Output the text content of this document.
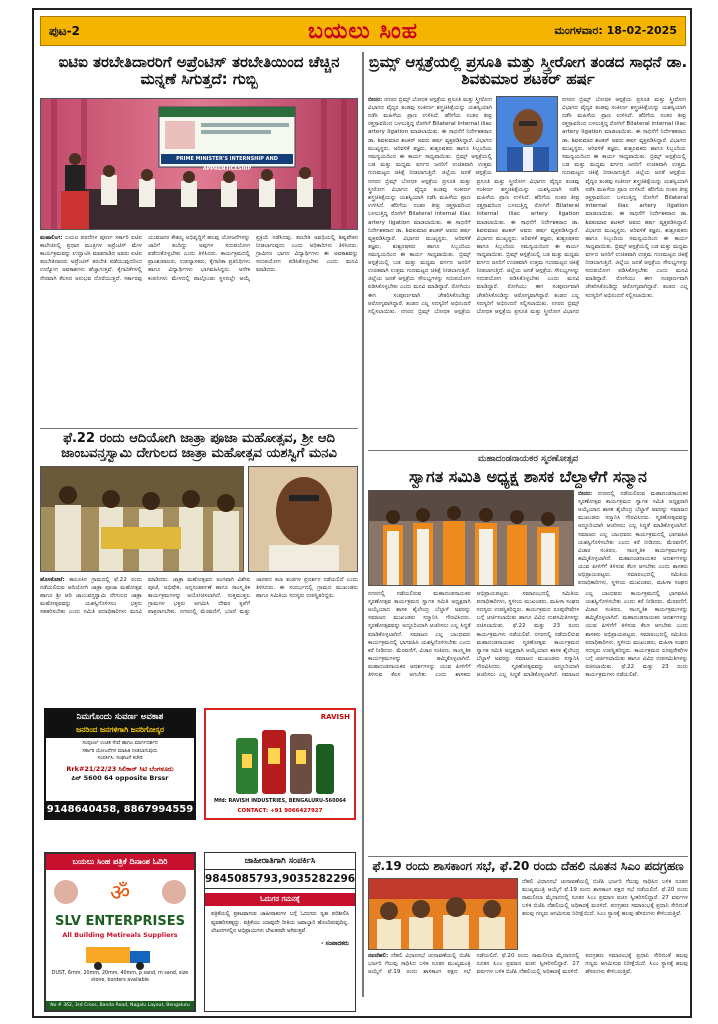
ಪುಟ-2	ಬಯಲು ಸಿಂಹ	ಮಂಗಳವಾರ: 18-02-2025
ಐಟಿಐ ತರಬೇತಿದಾರರಿಗೆ ಅಪ್ರೆಂಟಿಸ್ ತರಬೇತಿಯಿಂದ ಚೆಚ್ಚಿನ ಮನ್ನಣೆ ಸಿಗುತ್ತದೆ: ಗುಬ್ಬಿ
PRIME MINISTER'S INTERNSHIP AND APPRENTICESHIP
ಮಹಾಲಿಂಗ: ಬಯಲ ಪರದೆಗಳ ಪೂರ್ಣ ಸರ್ಕಾರಿ ಐಟಿಐ ಕಾಲೇಜಿನಲ್ಲಿ ಪ್ರಧಾನ ಮಂತ್ರಿಗಳ ಅಪ್ರೆಂಟಿಸ್ ಮೇಳ ಕಾರ್ಯಕ್ರಮವನ್ನು ಉದ್ಘಾಟಿಸಿ ಮಾತನಾಡಿದ ಅವರು ಐಟಿಐ ತರಬೇತಿದಾರರು ಅಪ್ರೆಂಟಿಸ್ ತರಬೇತಿ ಪಡೆಯುವುದರಿಂದ ಉದ್ಯೋಗ ಅವಕಾಶಗಳು ಹೆಚ್ಚಾಗುತ್ತವೆ. ಕೈಗಾರಿಕೆಗಳಲ್ಲಿ ನೇರವಾಗಿ ಕೆಲಸದ ಅನುಭವ ದೊರೆಯುತ್ತದೆ. ಸರ್ಕಾರವು ಯುವಜನರ ಕೌಶಲ್ಯ ಅಭಿವೃದ್ಧಿಗೆ ಹಲವು ಯೋಜನೆಗಳನ್ನು ಜಾರಿಗೆ ತಂದಿದ್ದು ಅವುಗಳ ಸದುಪಯೋಗ ಪಡೆದುಕೊಳ್ಳಬೇಕು ಎಂದು ತಿಳಿಸಿದರು. ಕಾರ್ಯಕ್ರಮದಲ್ಲಿ ಪ್ರಾಂಶುಪಾಲರು, ಉಪನ್ಯಾಸಕರು, ಕೈಗಾರಿಕಾ ಪ್ರತಿನಿಧಿಗಳು ಹಾಗೂ ವಿದ್ಯಾರ್ಥಿಗಳು ಭಾಗವಹಿಸಿದ್ದರು. ಅನೇಕ ಕಂಪನಿಗಳು ಮೇಳದಲ್ಲಿ ಪಾಲ್ಗೊಂಡು ಸ್ಥಳದಲ್ಲೇ ಆಯ್ಕೆ ಪ್ರಕ್ರಿಯೆ ನಡೆಸಿದವು. ತರಬೇತಿ ಅವಧಿಯಲ್ಲಿ ಶಿಷ್ಯವೇತನ ನೀಡಲಾಗುವುದು ಎಂದು ಅಧಿಕಾರಿಗಳು ತಿಳಿಸಿದರು. ಗ್ರಾಮೀಣ ಭಾಗದ ವಿದ್ಯಾರ್ಥಿಗಳು ಈ ಅವಕಾಶವನ್ನು ಸದುಪಯೋಗ ಪಡಿಸಿಕೊಳ್ಳಬೇಕು ಎಂದು ಮನವಿ ಮಾಡಿದರು.
ಫೆ.22 ರಂದು ಆದಿಯೋಗಿ ಜಾತ್ರಾ ಪೂಜಾ ಮಹೋತ್ಸವ, ಶ್ರೀ ಆದಿ ಜಾಂಬವನ್ತಸ್ವಾಮಿ ದೇಗುಲದ ಜಾತ್ರಾ ಮಹೋತ್ಸವ ಯಶಸ್ವಿಗೆ ಮನವಿ
ಹೊಸಕೋಟೆ: ತಾಲೂಕಿನ ಗ್ರಾಮದಲ್ಲಿ ಫೆ.22 ರಂದು ನಡೆಯಲಿರುವ ಆದಿಯೋಗಿ ಜಾತ್ರಾ ಪೂಜಾ ಮಹೋತ್ಸವ ಹಾಗೂ ಶ್ರೀ ಆದಿ ಜಾಂಬವನ್ತಸ್ವಾಮಿ ದೇಗುಲದ ಜಾತ್ರಾ ಮಹೋತ್ಸವವನ್ನು ಯಶಸ್ವಿಗೊಳಿಸಲು ಭಕ್ತರು ಸಹಕರಿಸಬೇಕು ಎಂದು ಸಮಿತಿ ಪದಾಧಿಕಾರಿಗಳು ಮನವಿ ಮಾಡಿದರು. ಜಾತ್ರಾ ಮಹೋತ್ಸವದ ಅಂಗವಾಗಿ ವಿಶೇಷ ಪೂಜೆ, ಅಭಿಷೇಕ, ಅನ್ನಸಂತರ್ಪಣೆ ಹಾಗೂ ಸಾಂಸ್ಕೃತಿಕ ಕಾರ್ಯಕ್ರಮಗಳನ್ನು ಆಯೋಜಿಸಲಾಗಿದೆ. ಸುತ್ತಮುತ್ತಲ ಗ್ರಾಮಗಳ ಭಕ್ತರು ಆಗಮಿಸಿ ದೇವರ ಕೃಪೆಗೆ ಪಾತ್ರರಾಗಬೇಕು. ನಗರದಲ್ಲಿ ಮೆರವಣಿಗೆ, ಭಜನೆ ಮತ್ತು ಜಾನಪದ ಕಲಾ ತಂಡಗಳ ಪ್ರದರ್ಶನ ನಡೆಯಲಿದೆ ಎಂದು ತಿಳಿಸಿದರು. ಈ ಸಂದರ್ಭದಲ್ಲಿ ಗ್ರಾಮದ ಮುಖಂಡರು ಹಾಗೂ ಸಮಿತಿಯ ಸದಸ್ಯರು ಉಪಸ್ಥಿತರಿದ್ದರು.
ನಿಮಗೊಂದು ಸುವರ್ಣ ಅವಕಾಶ
ಜನರಿಂದ ಜನಗಳಿಗಾಗಿ ಜನರಿಗೋಸ್ಕರ
ಸಂಪೂರ್ಣ ಉಚಿತ ಸೇವೆ ಹಾಗೂ ಮಾರ್ಗದರ್ಶನ
ಸರ್ಕಾರಿ ಯೋಜನೆಗಳ ಮಾಹಿತಿ ನೀಡಲಾಗುವುದು
ಸಂಪರ್ಕಿಸಿ: ಸಂಘಟನೆ ಕಚೇರಿ
Rrk#21/22/23 ಸಿಲಿಕಾನ್ ಸಿಟಿ ಬೆಂಗಳೂರು
ಪಿನ್ 5600 64 opposite Brssr
9148640458, 8867994559
RAVISH
Mfd: RAVISH INDUSTRIES, BENGALURU-560064
CONTACT: +91 9066427927
ಬಯಲು ಸಿಂಹ ಪತ್ರಿಕೆ ದಿನಾಂಶ ಓದಿರಿ
ॐ
SLV ENTERPRISES
All Building Metireals Suppliers
DUST, 6mm, 20mm, 20mm, 40mm, p sand, m sand, size stone, borders available
No # 362, 3rd Cross, Banda Road, Nagalu Layout, Bengaluru
ಜಾಹೀರಾತಿಗಾಗಿ ಸಂಪರ್ಕಿಸಿ
9845085793,9035282296
ಓದುಗರ ಗಮನಕ್ಕೆ
ಪತ್ರಿಕೆಯಲ್ಲಿ ಪ್ರಕಟವಾಗುವ ಜಾಹೀರಾತುಗಳ ಬಗ್ಗೆ ಓದುಗರು ಸ್ವತಃ ಪರಿಶೀಲಿಸಿ ವ್ಯವಹರಿಸತಕ್ಕದ್ದು. ಪತ್ರಿಕೆಯು ಯಾವುದೇ ರೀತಿಯ ಜವಾಬ್ದಾರಿ ಹೊಂದಿರುವುದಿಲ್ಲ. ಲೇಖನಗಳಲ್ಲಿನ ಅಭಿಪ್ರಾಯಗಳು ಲೇಖಕರವೇ ಆಗಿರುತ್ತವೆ.
- ಸಂಪಾದಕರು
ಬ್ರಿಮ್ಸ್ ಆಸ್ಪತ್ರೆಯಲ್ಲಿ ಪ್ರಸೂತಿ ಮತ್ತು ಸ್ತ್ರೀರೋಗ ತಂಡದ ಸಾಧನೆ ಡಾ. ಶಿವಕುಮಾರ ಶಟಕರ್ ಹರ್ಷ
ಬೀದರ: ನಗರದ ಬ್ರಿಮ್ಸ್ ಬೋಧಕ ಆಸ್ಪತ್ರೆಯ ಪ್ರಸೂತಿ ಮತ್ತು ಸ್ತ್ರೀರೋಗ ವಿಭಾಗದ ವೈದ್ಯರ ತಂಡವು ಸಂಕೀರ್ಣ ಶಸ್ತ್ರಚಿಕಿತ್ಸೆಯನ್ನು ಯಶಸ್ವಿಯಾಗಿ ನಡೆಸಿ ಮಹಿಳೆಯ ಪ್ರಾಣ ಉಳಿಸಿದೆ. ಹೆರಿಗೆಯ ನಂತರ ತೀವ್ರ ರಕ್ತಸ್ರಾವದಿಂದ ಬಳಲುತ್ತಿದ್ದ ರೋಗಿಗೆ Bilateral internal iliac artery ligation ಮಾಡಲಾಯಿತು. ಈ ಸಾಧನೆಗೆ ನಿರ್ದೇಶಕರಾದ ಡಾ. ಶಿವಕುಮಾರ ಶಟಕರ್ ಅವರು ಹರ್ಷ ವ್ಯಕ್ತಪಡಿಸಿದ್ದಾರೆ. ವಿಭಾಗದ ಮುಖ್ಯಸ್ಥರು, ಅರಿವಳಿಕೆ ತಜ್ಞರು, ಶುಶ್ರೂಷಕರು ಹಾಗೂ ಸಿಬ್ಬಂದಿಯ ಸಮನ್ವಯದಿಂದ ಈ ಕಾರ್ಯ ಸಾಧ್ಯವಾಯಿತು. ಬ್ರಿಮ್ಸ್ ಆಸ್ಪತ್ರೆಯಲ್ಲಿ ಬಡ ಮತ್ತು ಮಧ್ಯಮ ವರ್ಗದ ಜನರಿಗೆ ಉಚಿತವಾಗಿ ಉತ್ತಮ ಗುಣಮಟ್ಟದ ಚಿಕಿತ್ಸೆ ನೀಡಲಾಗುತ್ತಿದೆ. ಜಿಲ್ಲೆಯ ಜನತೆ ಆಸ್ಪತ್ರೆಯ
ನಗರದ ಬ್ರಿಮ್ಸ್ ಬೋಧಕ ಆಸ್ಪತ್ರೆಯ ಪ್ರಸೂತಿ ಮತ್ತು ಸ್ತ್ರೀರೋಗ ವಿಭಾಗದ ವೈದ್ಯರ ತಂಡವು ಸಂಕೀರ್ಣ ಶಸ್ತ್ರಚಿಕಿತ್ಸೆಯನ್ನು ಯಶಸ್ವಿಯಾಗಿ ನಡೆಸಿ ಮಹಿಳೆಯ ಪ್ರಾಣ ಉಳಿಸಿದೆ. ಹೆರಿಗೆಯ ನಂತರ ತೀವ್ರ ರಕ್ತಸ್ರಾವದಿಂದ ಬಳಲುತ್ತಿದ್ದ ರೋಗಿಗೆ Bilateral internal iliac artery ligation ಮಾಡಲಾಯಿತು. ಈ ಸಾಧನೆಗೆ ನಿರ್ದೇಶಕರಾದ ಡಾ. ಶಿವಕುಮಾರ ಶಟಕರ್ ಅವರು ಹರ್ಷ ವ್ಯಕ್ತಪಡಿಸಿದ್ದಾರೆ. ವಿಭಾಗದ ಮುಖ್ಯಸ್ಥರು, ಅರಿವಳಿಕೆ ತಜ್ಞರು, ಶುಶ್ರೂಷಕರು ಹಾಗೂ ಸಿಬ್ಬಂದಿಯ ಸಮನ್ವಯದಿಂದ ಈ ಕಾರ್ಯ ಸಾಧ್ಯವಾಯಿತು. ಬ್ರಿಮ್ಸ್ ಆಸ್ಪತ್ರೆಯಲ್ಲಿ ಬಡ ಮತ್ತು ಮಧ್ಯಮ ವರ್ಗದ ಜನರಿಗೆ ಉಚಿತವಾಗಿ ಉತ್ತಮ ಗುಣಮಟ್ಟದ ಚಿಕಿತ್ಸೆ ನೀಡಲಾಗುತ್ತಿದೆ. ಜಿಲ್ಲೆಯ ಜನತೆ ಆಸ್ಪತ್ರೆಯ
ನಗರದ ಬ್ರಿಮ್ಸ್ ಬೋಧಕ ಆಸ್ಪತ್ರೆಯ ಪ್ರಸೂತಿ ಮತ್ತು ಸ್ತ್ರೀರೋಗ ವಿಭಾಗದ ವೈದ್ಯರ ತಂಡವು ಸಂಕೀರ್ಣ ಶಸ್ತ್ರಚಿಕಿತ್ಸೆಯನ್ನು ಯಶಸ್ವಿಯಾಗಿ ನಡೆಸಿ ಮಹಿಳೆಯ ಪ್ರಾಣ ಉಳಿಸಿದೆ. ಹೆರಿಗೆಯ ನಂತರ ತೀವ್ರ ರಕ್ತಸ್ರಾವದಿಂದ ಬಳಲುತ್ತಿದ್ದ ರೋಗಿಗೆ Bilateral internal iliac artery ligation ಮಾಡಲಾಯಿತು. ಈ ಸಾಧನೆಗೆ ನಿರ್ದೇಶಕರಾದ ಡಾ. ಶಿವಕುಮಾರ ಶಟಕರ್ ಅವರು ಹರ್ಷ ವ್ಯಕ್ತಪಡಿಸಿದ್ದಾರೆ. ವಿಭಾಗದ ಮುಖ್ಯಸ್ಥರು, ಅರಿವಳಿಕೆ ತಜ್ಞರು, ಶುಶ್ರೂಷಕರು ಹಾಗೂ ಸಿಬ್ಬಂದಿಯ ಸಮನ್ವಯದಿಂದ ಈ ಕಾರ್ಯ ಸಾಧ್ಯವಾಯಿತು. ಬ್ರಿಮ್ಸ್ ಆಸ್ಪತ್ರೆಯಲ್ಲಿ ಬಡ ಮತ್ತು ಮಧ್ಯಮ ವರ್ಗದ ಜನರಿಗೆ ಉಚಿತವಾಗಿ ಉತ್ತಮ ಗುಣಮಟ್ಟದ ಚಿಕಿತ್ಸೆ ನೀಡಲಾಗುತ್ತಿದೆ. ಜಿಲ್ಲೆಯ ಜನತೆ ಆಸ್ಪತ್ರೆಯ ಸೌಲಭ್ಯಗಳನ್ನು ಸದುಪಯೋಗ ಪಡಿಸಿಕೊಳ್ಳಬೇಕು ಎಂದು ಮನವಿ ಮಾಡಿದ್ದಾರೆ. ರೋಗಿಯು ಈಗ ಸಂಪೂರ್ಣವಾಗಿ ಚೇತರಿಸಿಕೊಂಡಿದ್ದು ಆರೋಗ್ಯವಾಗಿದ್ದಾರೆ. ತಂಡದ ಎಲ್ಲ ಸದಸ್ಯರಿಗೆ ಅಭಿನಂದನೆ ಸಲ್ಲಿಸಲಾಯಿತು. ನಗರದ ಬ್ರಿಮ್ಸ್ ಬೋಧಕ ಆಸ್ಪತ್ರೆಯ ಪ್ರಸೂತಿ ಮತ್ತು ಸ್ತ್ರೀರೋಗ ವಿಭಾಗದ ವೈದ್ಯರ ತಂಡವು ಸಂಕೀರ್ಣ ಶಸ್ತ್ರಚಿಕಿತ್ಸೆಯನ್ನು ಯಶಸ್ವಿಯಾಗಿ ನಡೆಸಿ ಮಹಿಳೆಯ ಪ್ರಾಣ ಉಳಿಸಿದೆ. ಹೆರಿಗೆಯ ನಂತರ ತೀವ್ರ ರಕ್ತಸ್ರಾವದಿಂದ ಬಳಲುತ್ತಿದ್ದ ರೋಗಿಗೆ Bilateral internal iliac artery ligation ಮಾಡಲಾಯಿತು. ಈ ಸಾಧನೆಗೆ ನಿರ್ದೇಶಕರಾದ ಡಾ. ಶಿವಕುಮಾರ ಶಟಕರ್ ಅವರು ಹರ್ಷ ವ್ಯಕ್ತಪಡಿಸಿದ್ದಾರೆ. ವಿಭಾಗದ ಮುಖ್ಯಸ್ಥರು, ಅರಿವಳಿಕೆ ತಜ್ಞರು, ಶುಶ್ರೂಷಕರು ಹಾಗೂ ಸಿಬ್ಬಂದಿಯ ಸಮನ್ವಯದಿಂದ ಈ ಕಾರ್ಯ ಸಾಧ್ಯವಾಯಿತು. ಬ್ರಿಮ್ಸ್ ಆಸ್ಪತ್ರೆಯಲ್ಲಿ ಬಡ ಮತ್ತು ಮಧ್ಯಮ ವರ್ಗದ ಜನರಿಗೆ ಉಚಿತವಾಗಿ ಉತ್ತಮ ಗುಣಮಟ್ಟದ ಚಿಕಿತ್ಸೆ ನೀಡಲಾಗುತ್ತಿದೆ. ಜಿಲ್ಲೆಯ ಜನತೆ ಆಸ್ಪತ್ರೆಯ ಸೌಲಭ್ಯಗಳನ್ನು ಸದುಪಯೋಗ ಪಡಿಸಿಕೊಳ್ಳಬೇಕು ಎಂದು ಮನವಿ ಮಾಡಿದ್ದಾರೆ. ರೋಗಿಯು ಈಗ ಸಂಪೂರ್ಣವಾಗಿ ಚೇತರಿಸಿಕೊಂಡಿದ್ದು ಆರೋಗ್ಯವಾಗಿದ್ದಾರೆ. ತಂಡದ ಎಲ್ಲ ಸದಸ್ಯರಿಗೆ ಅಭಿನಂದನೆ ಸಲ್ಲಿಸಲಾಯಿತು. ನಗರದ ಬ್ರಿಮ್ಸ್ ಬೋಧಕ ಆಸ್ಪತ್ರೆಯ ಪ್ರಸೂತಿ ಮತ್ತು ಸ್ತ್ರೀರೋಗ ವಿಭಾಗದ ವೈದ್ಯರ ತಂಡವು ಸಂಕೀರ್ಣ ಶಸ್ತ್ರಚಿಕಿತ್ಸೆಯನ್ನು ಯಶಸ್ವಿಯಾಗಿ ನಡೆಸಿ ಮಹಿಳೆಯ ಪ್ರಾಣ ಉಳಿಸಿದೆ. ಹೆರಿಗೆಯ ನಂತರ ತೀವ್ರ ರಕ್ತಸ್ರಾವದಿಂದ ಬಳಲುತ್ತಿದ್ದ ರೋಗಿಗೆ Bilateral internal iliac artery ligation ಮಾಡಲಾಯಿತು. ಈ ಸಾಧನೆಗೆ ನಿರ್ದೇಶಕರಾದ ಡಾ. ಶಿವಕುಮಾರ ಶಟಕರ್ ಅವರು ಹರ್ಷ ವ್ಯಕ್ತಪಡಿಸಿದ್ದಾರೆ. ವಿಭಾಗದ ಮುಖ್ಯಸ್ಥರು, ಅರಿವಳಿಕೆ ತಜ್ಞರು, ಶುಶ್ರೂಷಕರು ಹಾಗೂ ಸಿಬ್ಬಂದಿಯ ಸಮನ್ವಯದಿಂದ ಈ ಕಾರ್ಯ ಸಾಧ್ಯವಾಯಿತು. ಬ್ರಿಮ್ಸ್ ಆಸ್ಪತ್ರೆಯಲ್ಲಿ ಬಡ ಮತ್ತು ಮಧ್ಯಮ ವರ್ಗದ ಜನರಿಗೆ ಉಚಿತವಾಗಿ ಉತ್ತಮ ಗುಣಮಟ್ಟದ ಚಿಕಿತ್ಸೆ ನೀಡಲಾಗುತ್ತಿದೆ. ಜಿಲ್ಲೆಯ ಜನತೆ ಆಸ್ಪತ್ರೆಯ ಸೌಲಭ್ಯಗಳನ್ನು ಸದುಪಯೋಗ ಪಡಿಸಿಕೊಳ್ಳಬೇಕು ಎಂದು ಮನವಿ ಮಾಡಿದ್ದಾರೆ. ರೋಗಿಯು ಈಗ ಸಂಪೂರ್ಣವಾಗಿ ಚೇತರಿಸಿಕೊಂಡಿದ್ದು ಆರೋಗ್ಯವಾಗಿದ್ದಾರೆ. ತಂಡದ ಎಲ್ಲ ಸದಸ್ಯರಿಗೆ ಅಭಿನಂದನೆ ಸಲ್ಲಿಸಲಾಯಿತು.
ಮಹಾದಂಡನಾಯಕರ ಸ್ಮರಣೋತ್ಸವ
ಸ್ವಾಗತ ಸಮಿತಿ ಅಧ್ಯಕ್ಷ ಶಾಸಕ ಬೆಲ್ದಾಳೆಗೆ ಸನ್ಮಾನ
ಬೀದರ: ನಗರದಲ್ಲಿ ನಡೆಯಲಿರುವ ಮಹಾದಂಡನಾಯಕರ ಸ್ಮರಣೋತ್ಸವ ಕಾರ್ಯಕ್ರಮದ ಸ್ವಾಗತ ಸಮಿತಿ ಅಧ್ಯಕ್ಷರಾಗಿ ಆಯ್ಕೆಯಾದ ಶಾಸಕ ಶೈಲೇಂದ್ರ ಬೆಲ್ದಾಳೆ ಅವರನ್ನು ಸಮಾಜದ ಮುಖಂಡರು ಸನ್ಮಾನಿಸಿ ಗೌರವಿಸಿದರು. ಸ್ಮರಣೋತ್ಸವವನ್ನು ಅದ್ದೂರಿಯಾಗಿ ಆಚರಿಸಲು ಎಲ್ಲ ಸಿದ್ಧತೆ ಮಾಡಿಕೊಳ್ಳಲಾಗಿದೆ. ಸಮಾಜದ ಎಲ್ಲ ಬಾಂಧವರು ಕಾರ್ಯಕ್ರಮದಲ್ಲಿ ಭಾಗವಹಿಸಿ ಯಶಸ್ವಿಗೊಳಿಸಬೇಕು ಎಂದು ಕರೆ ನೀಡಿದರು. ಮೆರವಣಿಗೆ, ವಿಚಾರ ಸಂಕಿರಣ, ಸಾಂಸ್ಕೃತಿಕ ಕಾರ್ಯಕ್ರಮಗಳನ್ನು ಹಮ್ಮಿಕೊಳ್ಳಲಾಗಿದೆ. ಮಹಾದಂಡನಾಯಕರ ಆದರ್ಶಗಳನ್ನು ಯುವ ಪೀಳಿಗೆಗೆ ತಿಳಿಸುವ ಕೆಲಸ ಆಗಬೇಕು ಎಂದು ಶಾಸಕರು ಅಭಿಪ್ರಾಯಪಟ್ಟರು. ಸಮಾರಂಭದಲ್ಲಿ ಸಮಿತಿಯ ಪದಾಧಿಕಾರಿಗಳು, ಸ್ಥಳೀಯ ಮುಖಂಡರು, ಮಹಿಳಾ ಸಂಘದ
ನಗರದಲ್ಲಿ ನಡೆಯಲಿರುವ ಮಹಾದಂಡನಾಯಕರ ಸ್ಮರಣೋತ್ಸವ ಕಾರ್ಯಕ್ರಮದ ಸ್ವಾಗತ ಸಮಿತಿ ಅಧ್ಯಕ್ಷರಾಗಿ ಆಯ್ಕೆಯಾದ ಶಾಸಕ ಶೈಲೇಂದ್ರ ಬೆಲ್ದಾಳೆ ಅವರನ್ನು ಸಮಾಜದ ಮುಖಂಡರು ಸನ್ಮಾನಿಸಿ ಗೌರವಿಸಿದರು. ಸ್ಮರಣೋತ್ಸವವನ್ನು ಅದ್ದೂರಿಯಾಗಿ ಆಚರಿಸಲು ಎಲ್ಲ ಸಿದ್ಧತೆ ಮಾಡಿಕೊಳ್ಳಲಾಗಿದೆ. ಸಮಾಜದ ಎಲ್ಲ ಬಾಂಧವರು ಕಾರ್ಯಕ್ರಮದಲ್ಲಿ ಭಾಗವಹಿಸಿ ಯಶಸ್ವಿಗೊಳಿಸಬೇಕು ಎಂದು ಕರೆ ನೀಡಿದರು. ಮೆರವಣಿಗೆ, ವಿಚಾರ ಸಂಕಿರಣ, ಸಾಂಸ್ಕೃತಿಕ ಕಾರ್ಯಕ್ರಮಗಳನ್ನು ಹಮ್ಮಿಕೊಳ್ಳಲಾಗಿದೆ. ಮಹಾದಂಡನಾಯಕರ ಆದರ್ಶಗಳನ್ನು ಯುವ ಪೀಳಿಗೆಗೆ ತಿಳಿಸುವ ಕೆಲಸ ಆಗಬೇಕು ಎಂದು ಶಾಸಕರು ಅಭಿಪ್ರಾಯಪಟ್ಟರು. ಸಮಾರಂಭದಲ್ಲಿ ಸಮಿತಿಯ ಪದಾಧಿಕಾರಿಗಳು, ಸ್ಥಳೀಯ ಮುಖಂಡರು, ಮಹಿಳಾ ಸಂಘದ ಸದಸ್ಯರು ಉಪಸ್ಥಿತರಿದ್ದರು. ಕಾರ್ಯಕ್ರಮದ ರೂಪುರೇಷೆಗಳ ಬಗ್ಗೆ ಚರ್ಚಿಸಲಾಯಿತು ಹಾಗೂ ವಿವಿಧ ಉಪಸಮಿತಿಗಳನ್ನು ರಚಿಸಲಾಯಿತು. ಫೆ.22 ಮತ್ತು 23 ರಂದು ಕಾರ್ಯಕ್ರಮಗಳು ನಡೆಯಲಿವೆ. ನಗರದಲ್ಲಿ ನಡೆಯಲಿರುವ ಮಹಾದಂಡನಾಯಕರ ಸ್ಮರಣೋತ್ಸವ ಕಾರ್ಯಕ್ರಮದ ಸ್ವಾಗತ ಸಮಿತಿ ಅಧ್ಯಕ್ಷರಾಗಿ ಆಯ್ಕೆಯಾದ ಶಾಸಕ ಶೈಲೇಂದ್ರ ಬೆಲ್ದಾಳೆ ಅವರನ್ನು ಸಮಾಜದ ಮುಖಂಡರು ಸನ್ಮಾನಿಸಿ ಗೌರವಿಸಿದರು. ಸ್ಮರಣೋತ್ಸವವನ್ನು ಅದ್ದೂರಿಯಾಗಿ ಆಚರಿಸಲು ಎಲ್ಲ ಸಿದ್ಧತೆ ಮಾಡಿಕೊಳ್ಳಲಾಗಿದೆ. ಸಮಾಜದ ಎಲ್ಲ ಬಾಂಧವರು ಕಾರ್ಯಕ್ರಮದಲ್ಲಿ ಭಾಗವಹಿಸಿ ಯಶಸ್ವಿಗೊಳಿಸಬೇಕು ಎಂದು ಕರೆ ನೀಡಿದರು. ಮೆರವಣಿಗೆ, ವಿಚಾರ ಸಂಕಿರಣ, ಸಾಂಸ್ಕೃತಿಕ ಕಾರ್ಯಕ್ರಮಗಳನ್ನು ಹಮ್ಮಿಕೊಳ್ಳಲಾಗಿದೆ. ಮಹಾದಂಡನಾಯಕರ ಆದರ್ಶಗಳನ್ನು ಯುವ ಪೀಳಿಗೆಗೆ ತಿಳಿಸುವ ಕೆಲಸ ಆಗಬೇಕು ಎಂದು ಶಾಸಕರು ಅಭಿಪ್ರಾಯಪಟ್ಟರು. ಸಮಾರಂಭದಲ್ಲಿ ಸಮಿತಿಯ ಪದಾಧಿಕಾರಿಗಳು, ಸ್ಥಳೀಯ ಮುಖಂಡರು, ಮಹಿಳಾ ಸಂಘದ ಸದಸ್ಯರು ಉಪಸ್ಥಿತರಿದ್ದರು. ಕಾರ್ಯಕ್ರಮದ ರೂಪುರೇಷೆಗಳ ಬಗ್ಗೆ ಚರ್ಚಿಸಲಾಯಿತು ಹಾಗೂ ವಿವಿಧ ಉಪಸಮಿತಿಗಳನ್ನು ರಚಿಸಲಾಯಿತು. ಫೆ.22 ಮತ್ತು 23 ರಂದು ಕಾರ್ಯಕ್ರಮಗಳು ನಡೆಯಲಿವೆ.
ಫೆ.19 ರಂದು ಶಾಸಕಾಂಗ ಸಭೆ, ಫೆ.20 ರಂದು ದೆಹಲಿ ನೂತನ ಸಿಎಂ ಪದಗ್ರಹಣ
ದೆಹಲಿ ವಿಧಾನಸಭೆ ಚುನಾವಣೆಯಲ್ಲಿ ಬಿಜೆಪಿ ಭರ್ಜರಿ ಗೆಲುವು ಸಾಧಿಸಿದ ಬಳಿಕ ನೂತನ ಮುಖ್ಯಮಂತ್ರಿ ಆಯ್ಕೆಗೆ ಫೆ.19 ರಂದು ಶಾಸಕಾಂಗ ಪಕ್ಷದ ಸಭೆ ನಡೆಯಲಿದೆ. ಫೆ.20 ರಂದು ರಾಮಲೀಲಾ ಮೈದಾನದಲ್ಲಿ ನೂತನ ಸಿಎಂ ಪ್ರಮಾಣ ವಚನ ಸ್ವೀಕರಿಸಲಿದ್ದಾರೆ. 27 ವರ್ಷಗಳ ಬಳಿಕ ಬಿಜೆಪಿ ದೆಹಲಿಯಲ್ಲಿ ಅಧಿಕಾರಕ್ಕೆ ಮರಳಿದೆ. ಪದಗ್ರಹಣ ಸಮಾರಂಭಕ್ಕೆ ಪ್ರಧಾನಿ ಸೇರಿದಂತೆ ಹಲವು ಗಣ್ಯರು ಆಗಮಿಸುವ ನಿರೀಕ್ಷೆಯಿದೆ. ಸಿಎಂ ಸ್ಥಾನಕ್ಕೆ ಹಲವು ಹೆಸರುಗಳು ಕೇಳಿಬರುತ್ತಿವೆ.
ನವದೆಹಲಿ: ದೆಹಲಿ ವಿಧಾನಸಭೆ ಚುನಾವಣೆಯಲ್ಲಿ ಬಿಜೆಪಿ ಭರ್ಜರಿ ಗೆಲುವು ಸಾಧಿಸಿದ ಬಳಿಕ ನೂತನ ಮುಖ್ಯಮಂತ್ರಿ ಆಯ್ಕೆಗೆ ಫೆ.19 ರಂದು ಶಾಸಕಾಂಗ ಪಕ್ಷದ ಸಭೆ ನಡೆಯಲಿದೆ. ಫೆ.20 ರಂದು ರಾಮಲೀಲಾ ಮೈದಾನದಲ್ಲಿ ನೂತನ ಸಿಎಂ ಪ್ರಮಾಣ ವಚನ ಸ್ವೀಕರಿಸಲಿದ್ದಾರೆ. 27 ವರ್ಷಗಳ ಬಳಿಕ ಬಿಜೆಪಿ ದೆಹಲಿಯಲ್ಲಿ ಅಧಿಕಾರಕ್ಕೆ ಮರಳಿದೆ. ಪದಗ್ರಹಣ ಸಮಾರಂಭಕ್ಕೆ ಪ್ರಧಾನಿ ಸೇರಿದಂತೆ ಹಲವು ಗಣ್ಯರು ಆಗಮಿಸುವ ನಿರೀಕ್ಷೆಯಿದೆ. ಸಿಎಂ ಸ್ಥಾನಕ್ಕೆ ಹಲವು ಹೆಸರುಗಳು ಕೇಳಿಬರುತ್ತಿವೆ.
